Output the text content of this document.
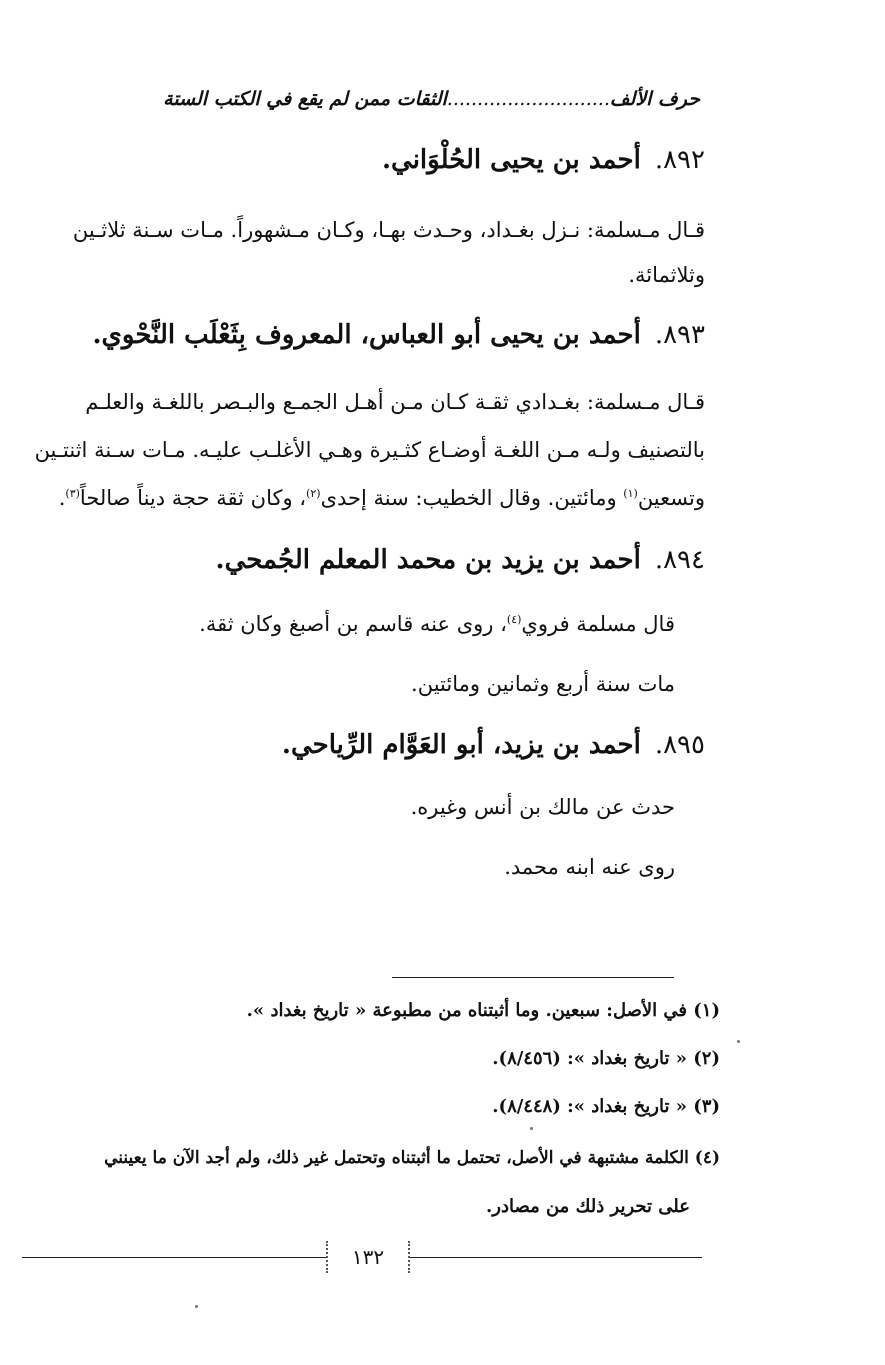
حرف الألف...........................الثقات ممن لم يقع في الكتب الستة
٨٩٢.أحمد بن يحيى الحُلْوَاني.
قـال مـسلمة: نـزل بغـداد، وحـدث بهـا، وكـان مـشهوراً. مـات سـنة ثلاثـين
وثلاثمائة.
٨٩٣.أحمد بن يحيى أبو العباس، المعروف بِثَعْلَب النَّحْوي.
قـال مـسلمة: بغـدادي ثقـة كـان مـن أهـل الجمـع والبـصر باللغـة والعلـم
بالتصنيف ولـه مـن اللغـة أوضـاع كثـيرة وهـي الأغلـب عليـه. مـات سـنة اثنتـين
وتسعين$^{(١)}$ ومائتين. وقال الخطيب: سنة إحدى$^{(٢)}$، وكان ثقة حجة ديناً صالحاً$^{(٣)}$.
٨٩٤.أحمد بن يزيد بن محمد المعلم الجُمحي.
قال مسلمة فروي$^{(٤)}$، روى عنه قاسم بن أصبغ وكان ثقة.
مات سنة أربع وثمانين ومائتين.
٨٩٥.أحمد بن يزيد، أبو العَوَّام الرِّياحي.
حدث عن مالك بن أنس وغيره.
روى عنه ابنه محمد.
(١) في الأصل: سبعين. وما أثبتناه من مطبوعة « تاريخ بغداد ».
(٢) « تاريخ بغداد »: (٨/٤٥٦).
(٣) « تاريخ بغداد »: (٨/٤٤٨).
(٤) الكلمة مشتبهة في الأصل، تحتمل ما أثبتناه وتحتمل غير ذلك، ولم أجد الآن ما يعينني
على تحرير ذلك من مصادر.
١٣٢
